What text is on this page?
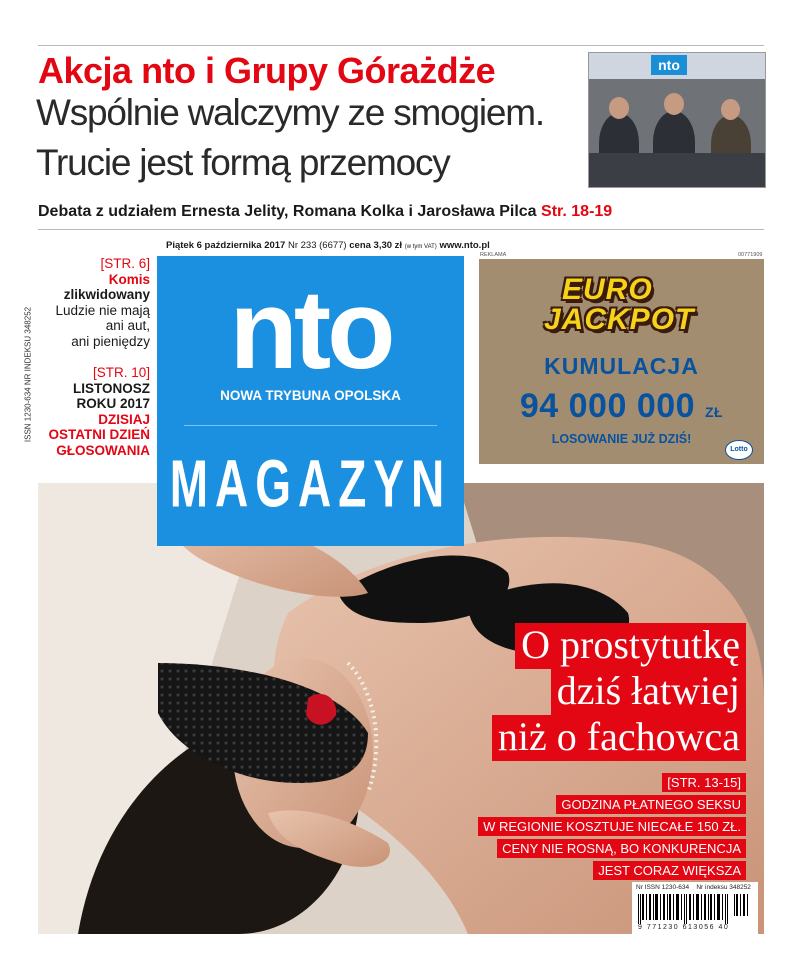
Akcja nto i Grupy Górażdże
Wspólnie walczymy ze smogiem.
Trucie jest formą przemocy
nto
Debata z udziałem Ernesta Jelity, Romana Kolka i Jarosława Pilca Str. 18-19
Piątek 6 października 2017 Nr 233 (6677) cena 3,30 zł (w tym VAT) www.nto.pl
[STR. 6]
Komis
zlikwidowany
Ludzie nie mają
ani aut,
ani pieniędzy
[STR. 10]
LISTONOSZ
ROKU 2017
DZISIAJ
OSTATNI DZIEŃ
GŁOSOWANIA
ISSN 1230-634 NR INDEKSU 348252	nto
NOWA TRYBUNA OPOLSKA
MAGAZYN
REKLAMA	00771909
EURO
JACKPOT
KUMULACJA
94 000 000 ZŁ
LOSOWANIE JUŻ DZIŚ!
Lotto
O prostytutkę
dziś łatwiej
niż o fachowca
[STR. 13-15]
GODZINA PŁATNEGO SEKSU
W REGIONIE KOSZTUJE NIECAŁE 150 ZŁ.
CENY NIE ROSNĄ, BO KONKURENCJA
JEST CORAZ WIĘKSZA
Nr ISSN 1230-634 Nr indeksu 348252
9 771230 613056 40
